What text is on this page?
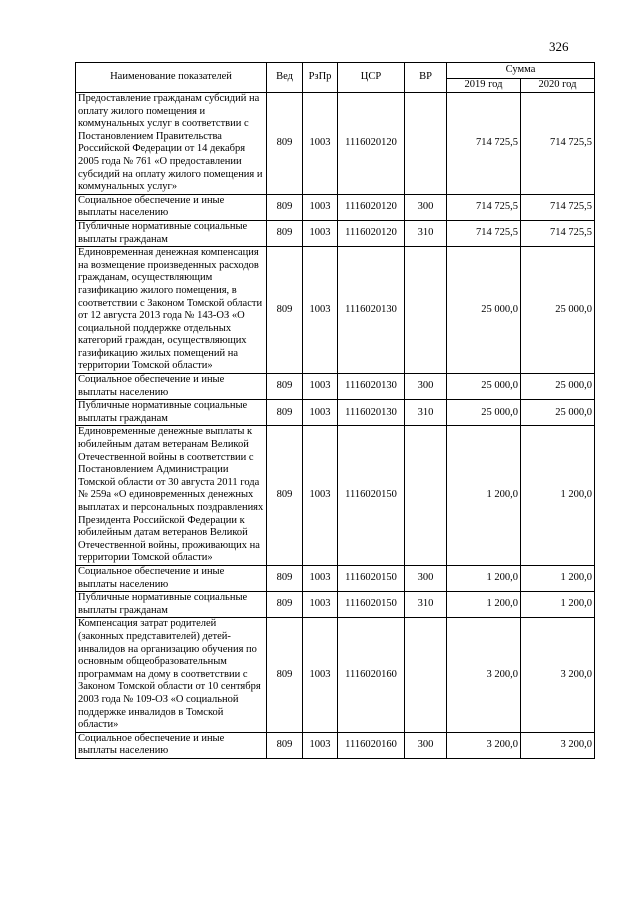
326
Наименование показателей	Вед	РзПр	ЦСР	ВР	Сумма	
					2019 год	2020 год
Предоставление гражданам субсидий на оплату жилого помещения и коммунальных услуг в соответствии с Постановлением Правительства Российской Федерации от 14 декабря 2005 года № 761 «О предоставлении субсидий на оплату жилого помещения и коммунальных услуг»	809	1003	1116020120		714 725,5	714 725,5
Социальное обеспечение и иные выплаты населению	809	1003	1116020120	300	714 725,5	714 725,5
Публичные нормативные социальные выплаты гражданам	809	1003	1116020120	310	714 725,5	714 725,5
Единовременная денежная компенсация на возмещение произведенных расходов гражданам, осуществляющим газификацию жилого помещения, в соответствии с Законом Томской области от 12 августа 2013 года № 143-ОЗ «О социальной поддержке отдельных категорий граждан, осуществляющих газификацию жилых помещений на территории Томской области»	809	1003	1116020130		25 000,0	25 000,0
Социальное обеспечение и иные выплаты населению	809	1003	1116020130	300	25 000,0	25 000,0
Публичные нормативные социальные выплаты гражданам	809	1003	1116020130	310	25 000,0	25 000,0
Единовременные денежные выплаты к юбилейным датам ветеранам Великой Отечественной войны в соответствии с Постановлением Администрации Томской области от 30 августа 2011 года № 259а «О единовременных денежных выплатах и персональных поздравлениях Президента Российской Федерации к юбилейным датам ветеранов Великой Отечественной войны, проживающих на территории Томской области»	809	1003	1116020150		1 200,0	1 200,0
Социальное обеспечение и иные выплаты населению	809	1003	1116020150	300	1 200,0	1 200,0
Публичные нормативные социальные выплаты гражданам	809	1003	1116020150	310	1 200,0	1 200,0
Компенсация затрат родителей (законных представителей) детей-инвалидов на организацию обучения по основным общеобразовательным программам на дому в соответствии с Законом Томской области от 10 сентября 2003 года № 109-ОЗ «О социальной поддержке инвалидов в Томской области»	809	1003	1116020160		3 200,0	3 200,0
Социальное обеспечение и иные выплаты населению	809	1003	1116020160	300	3 200,0	3 200,0
